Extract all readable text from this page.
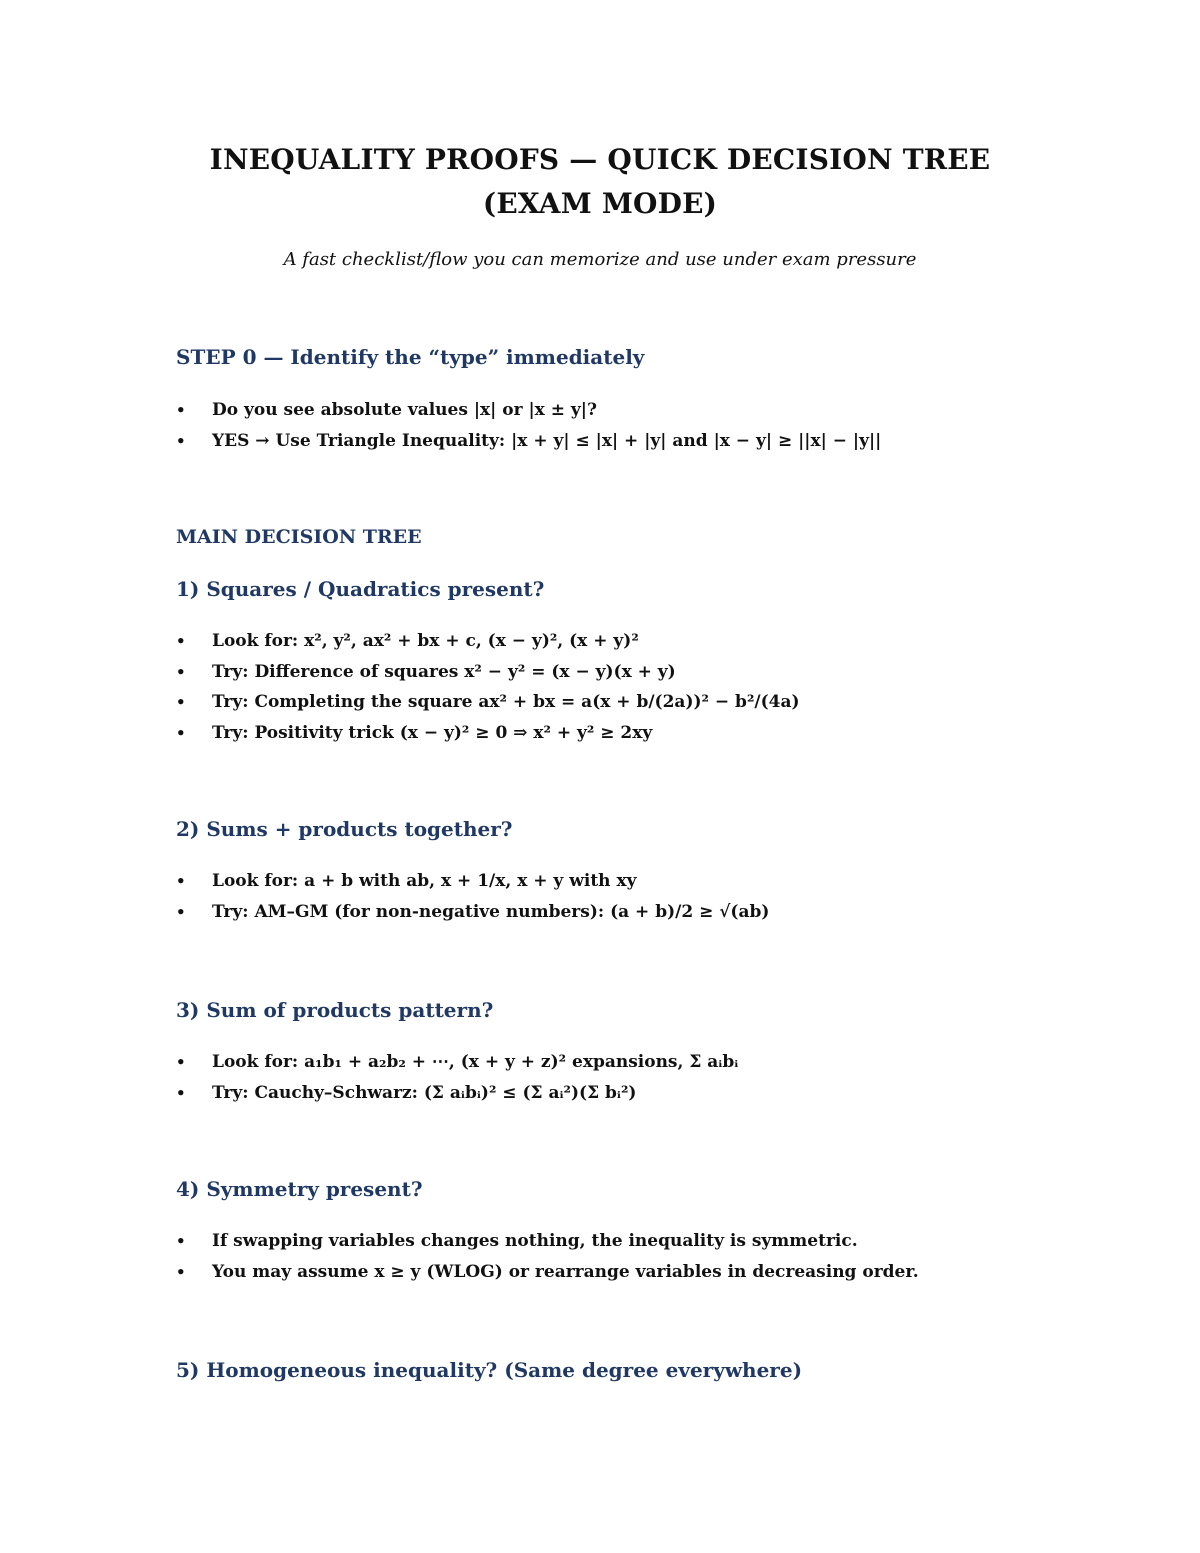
INEQUALITY PROOFS — QUICK DECISION TREE (EXAM MODE)
A fast checklist/flow you can memorize and use under exam pressure
STEP 0 — Identify the “type” immediately
• Do you see absolute values |x| or |x ± y|?
• YES → Use Triangle Inequality: |x + y| ≤ |x| + |y| and |x − y| ≥ ||x| − |y||
MAIN DECISION TREE
1) Squares / Quadratics present?
• Look for: x², y², ax² + bx + c, (x − y)², (x + y)²
• Try: Difference of squares x² − y² = (x − y)(x + y)
• Try: Completing the square ax² + bx = a(x + b/(2a))² − b²/(4a)
• Try: Positivity trick (x − y)² ≥ 0 ⇒ x² + y² ≥ 2xy
2) Sums + products together?
• Look for: a + b with ab, x + 1/x, x + y with xy
• Try: AM–GM (for non-negative numbers): (a + b)/2 ≥ √(ab)
3) Sum of products pattern?
• Look for: a₁b₁ + a₂b₂ + ⋯, (x + y + z)² expansions, Σ aᵢbᵢ
• Try: Cauchy–Schwarz: (Σ aᵢbᵢ)² ≤ (Σ aᵢ²)(Σ bᵢ²)
4) Symmetry present?
• If swapping variables changes nothing, the inequality is symmetric.
• You may assume x ≥ y (WLOG) or rearrange variables in decreasing order.
5) Homogeneous inequality? (Same degree everywhere)
